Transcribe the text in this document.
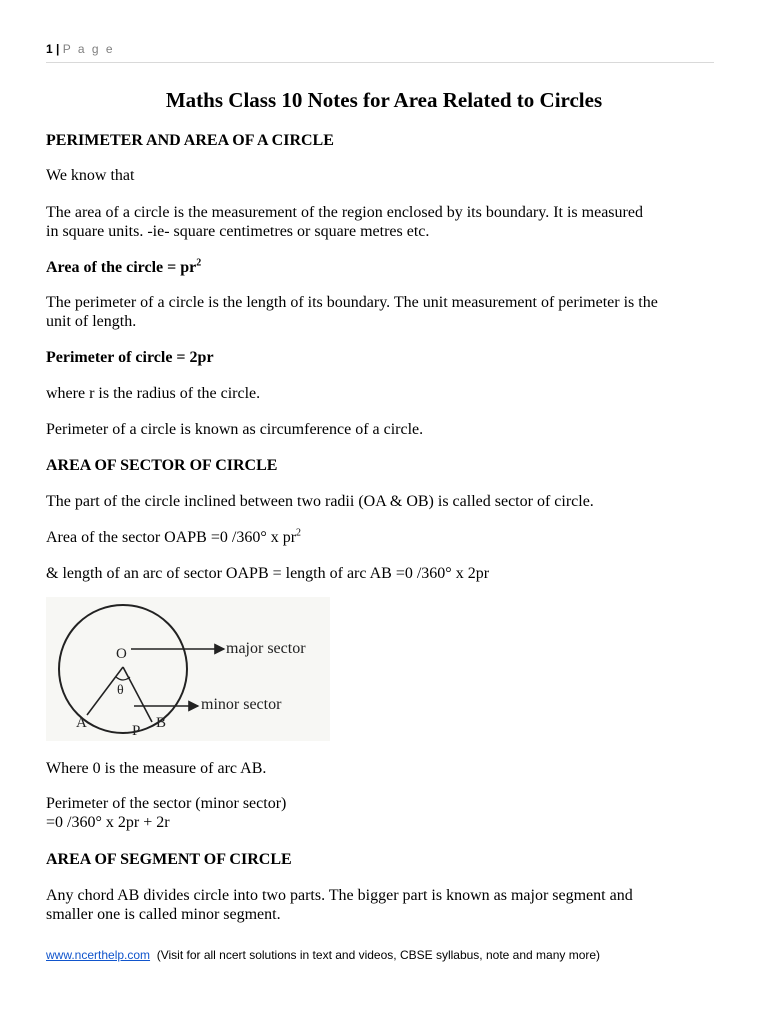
1 | P a g e
Maths Class 10 Notes for Area Related to Circles
PERIMETER AND AREA OF A CIRCLE
We know that
The area of a circle is the measurement of the region enclosed by its boundary. It is measured
in square units. -ie- square centimetres or square metres etc.
Area of the circle = $pr^2$
The perimeter of a circle is the length of its boundary. The unit measurement of perimeter is the
unit of length.
Perimeter of circle = 2pr
where r is the radius of the circle.
Perimeter of a circle is known as circumference of a circle.
AREA OF SECTOR OF CIRCLE
The part of the circle inclined between two radii (OA & OB) is called sector of circle.
Area of the sector OAPB =0 /360° x $pr^2$
& length of an arc of sector OAPB = length of arc AB =0 /360° x 2pr
O
θ
A	P B
major sector
minor sector
Where 0 is the measure of arc AB.
Perimeter of the sector (minor sector)
=0 /360° x 2pr + 2r
AREA OF SEGMENT OF CIRCLE
Any chord AB divides circle into two parts. The bigger part is known as major segment and
smaller one is called minor segment.
www.ncerthelp.com  (Visit for all ncert solutions in text and videos, CBSE syllabus, note and many more)
